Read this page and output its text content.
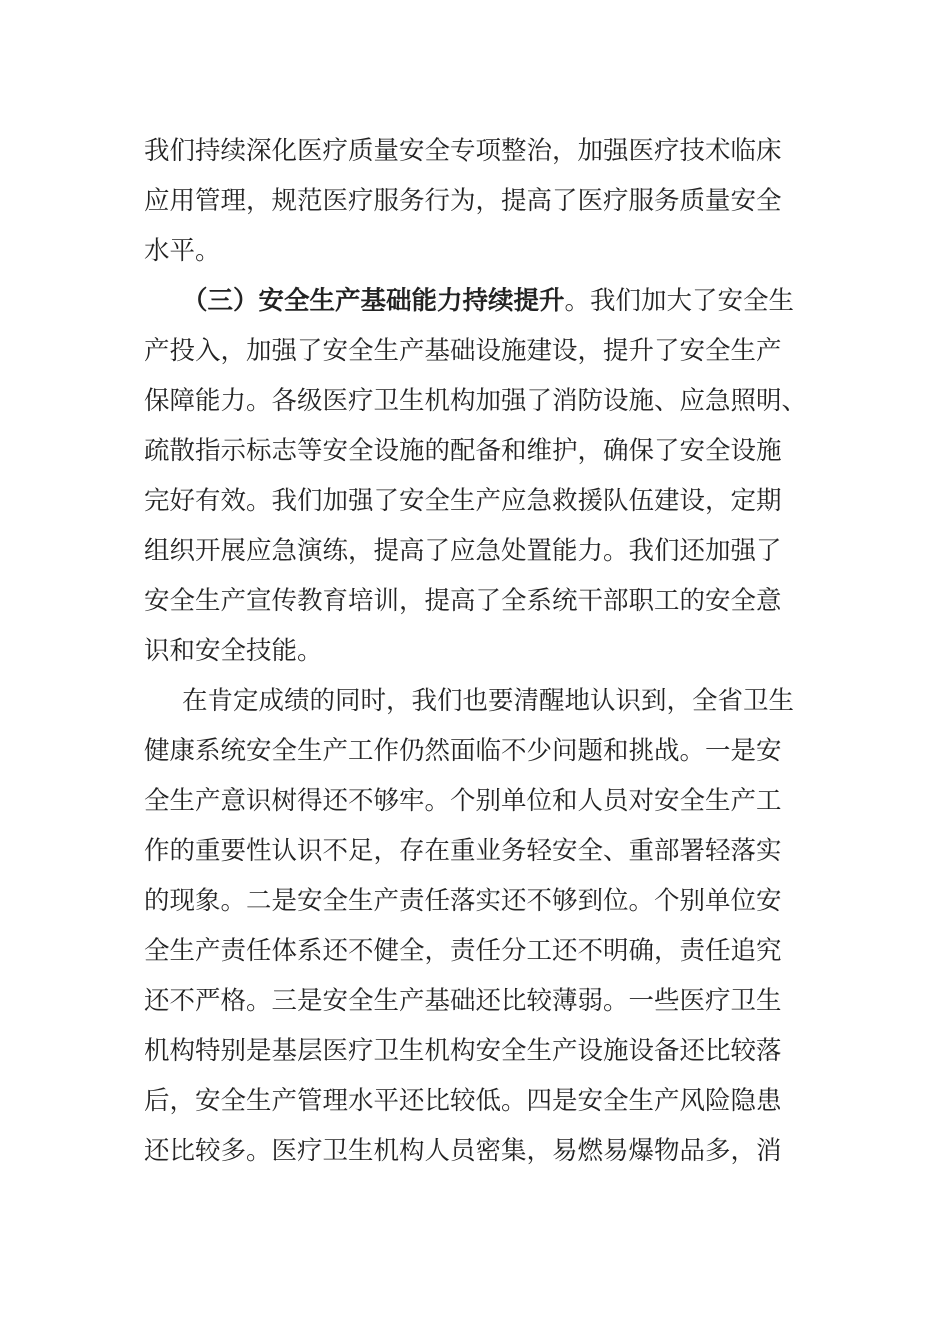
我们持续深化医疗质量安全专项整治，加强医疗技术临床
应用管理，规范医疗服务行为，提高了医疗服务质量安全
水平。
（三）安全生产基础能力持续提升。我们加大了安全生
产投入，加强了安全生产基础设施建设，提升了安全生产
保障能力。各级医疗卫生机构加强了消防设施、应急照明、
疏散指示标志等安全设施的配备和维护，确保了安全设施
完好有效。我们加强了安全生产应急救援队伍建设，定期
组织开展应急演练，提高了应急处置能力。我们还加强了
安全生产宣传教育培训，提高了全系统干部职工的安全意
识和安全技能。
在肯定成绩的同时，我们也要清醒地认识到，全省卫生
健康系统安全生产工作仍然面临不少问题和挑战。一是安
全生产意识树得还不够牢。个别单位和人员对安全生产工
作的重要性认识不足，存在重业务轻安全、重部署轻落实
的现象。二是安全生产责任落实还不够到位。个别单位安
全生产责任体系还不健全，责任分工还不明确，责任追究
还不严格。三是安全生产基础还比较薄弱。一些医疗卫生
机构特别是基层医疗卫生机构安全生产设施设备还比较落
后，安全生产管理水平还比较低。四是安全生产风险隐患
还比较多。医疗卫生机构人员密集，易燃易爆物品多，消
